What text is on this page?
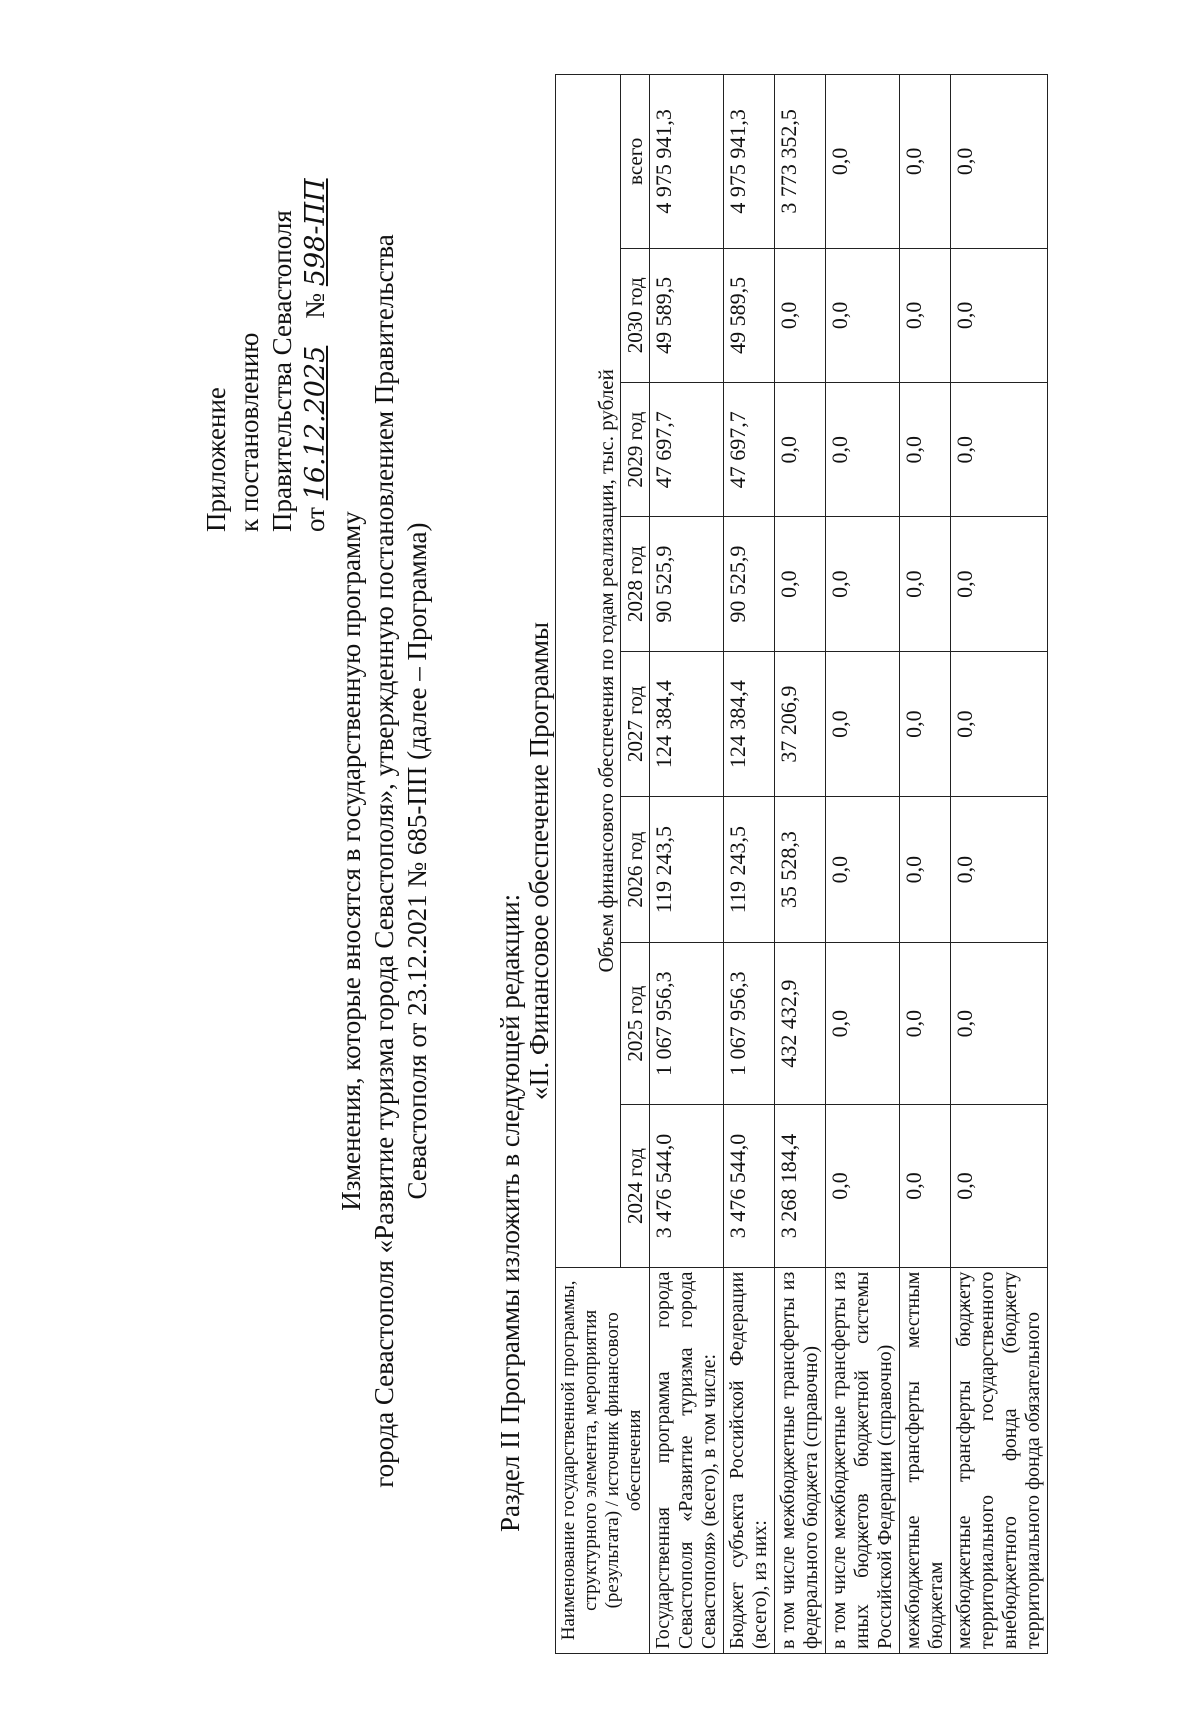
Приложение к постановлению Правительства Севастополя от 16.12.2025    № 598-ПП
Изменения, которые вносятся в государственную программу города Севастополя «Развитие туризма города Севастополя», утвержденную постановлением Правительства Севастополя от 23.12.2021 № 685-ПП (далее – Программа)
Раздел II Программы изложить в следующей редакции:
«II. Финансовое обеспечение Программы
Наименование государственной программы, структурного элемента, мероприятия (результата) / источник финансового обеспечения	Объем финансового обеспечения по годам реализации, тыс. рублей							
	2024 год	2025 год	2026 год	2027 год	2028 год	2029 год	2030 год	всего
Государственная программа города Севастополя «Развитие туризма города Севастополя» (всего), в том числе:	3 476 544,0	1 067 956,3	119 243,5	124 384,4	90 525,9	47 697,7	49 589,5	4 975 941,3
Бюджет субъекта Российской Федерации (всего), из них:	3 476 544,0	1 067 956,3	119 243,5	124 384,4	90 525,9	47 697,7	49 589,5	4 975 941,3
в том числе межбюджетные трансферты из федерального бюджета (справочно)	3 268 184,4	432 432,9	35 528,3	37 206,9	0,0	0,0	0,0	3 773 352,5
в том числе межбюджетные трансферты из иных бюджетов бюджетной системы Российской Федерации (справочно)	0,0	0,0	0,0	0,0	0,0	0,0	0,0	0,0
межбюджетные трансферты местным бюджетам	0,0	0,0	0,0	0,0	0,0	0,0	0,0	0,0
межбюджетные трансферты бюджету территориального государственного внебюджетного фонда (бюджету территориального фонда обязательного	0,0	0,0	0,0	0,0	0,0	0,0	0,0	0,0
